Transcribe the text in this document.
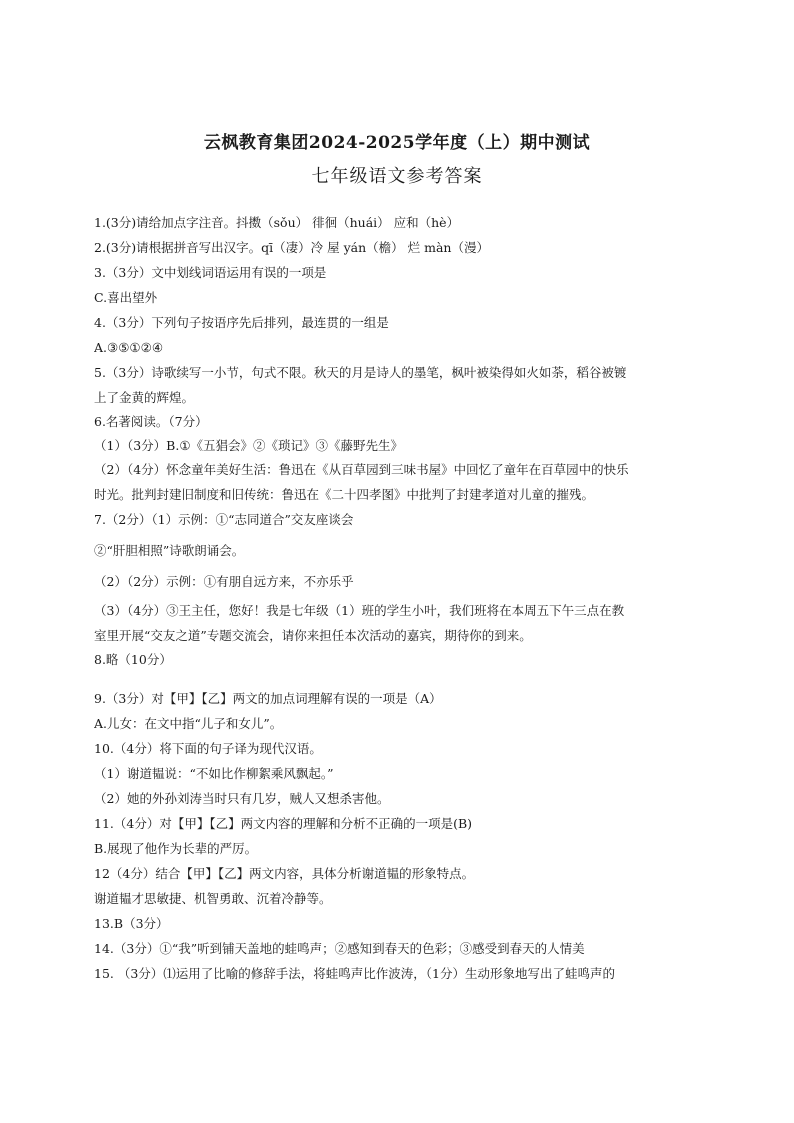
云枫教育集团2024-2025学年度（上）期中测试
七年级语文参考答案
1.(3分)请给加点字注音。抖擞（sǒu） 徘徊（huái） 应和（hè）
2.(3分)请根据拼音写出汉字。qī（凄）冷 屋 yán（檐） 烂 màn（漫）
3.（3分）文中划线词语运用有误的一项是
C.喜出望外
4.（3分）下列句子按语序先后排列，最连贯的一组是
A.③⑤①②④
5.（3分）诗歌续写一小节，句式不限。秋天的月是诗人的墨笔，枫叶被染得如火如荼，稻谷被镀
上了金黄的辉煌。
6.名著阅读。（7分）
（1）（3分）B.①《五猖会》②《琐记》③《藤野先生》
（2）（4分）怀念童年美好生活：鲁迅在《从百草园到三味书屋》中回忆了童年在百草园中的快乐
时光。批判封建旧制度和旧传统：鲁迅在《二十四孝图》中批判了封建孝道对儿童的摧残。
7.（2分）（1）示例：①“志同道合”交友座谈会
②“肝胆相照”诗歌朗诵会。
（2）（2分）示例：①有朋自远方来，不亦乐乎
（3）（4分）③王主任，您好！我是七年级（1）班的学生小叶，我们班将在本周五下午三点在教
室里开展“交友之道”专题交流会，请你来担任本次活动的嘉宾，期待你的到来。
8.略（10分）
9.（3分）对【甲】【乙】两文的加点词理解有误的一项是（A）
A.儿女：在文中指“儿子和女儿”。
10.（4分）将下面的句子译为现代汉语。
（1）谢道韫说：“不如比作柳絮乘风飘起。”
（2）她的外孙刘涛当时只有几岁，贼人又想杀害他。
11.（4分）对【甲】【乙】两文内容的理解和分析不正确的一项是(B)
B.展现了他作为长辈的严厉。
12（4分）结合【甲】【乙】两文内容，具体分析谢道韫的形象特点。
谢道韫才思敏捷、机智勇敢、沉着冷静等。
13.B（3分）
14.（3分）①“我”听到铺天盖地的蛙鸣声；②感知到春天的色彩；③感受到春天的人情美
15. （3分）⑴运用了比喻的修辞手法，将蛙鸣声比作波涛，（1分）生动形象地写出了蛙鸣声的
